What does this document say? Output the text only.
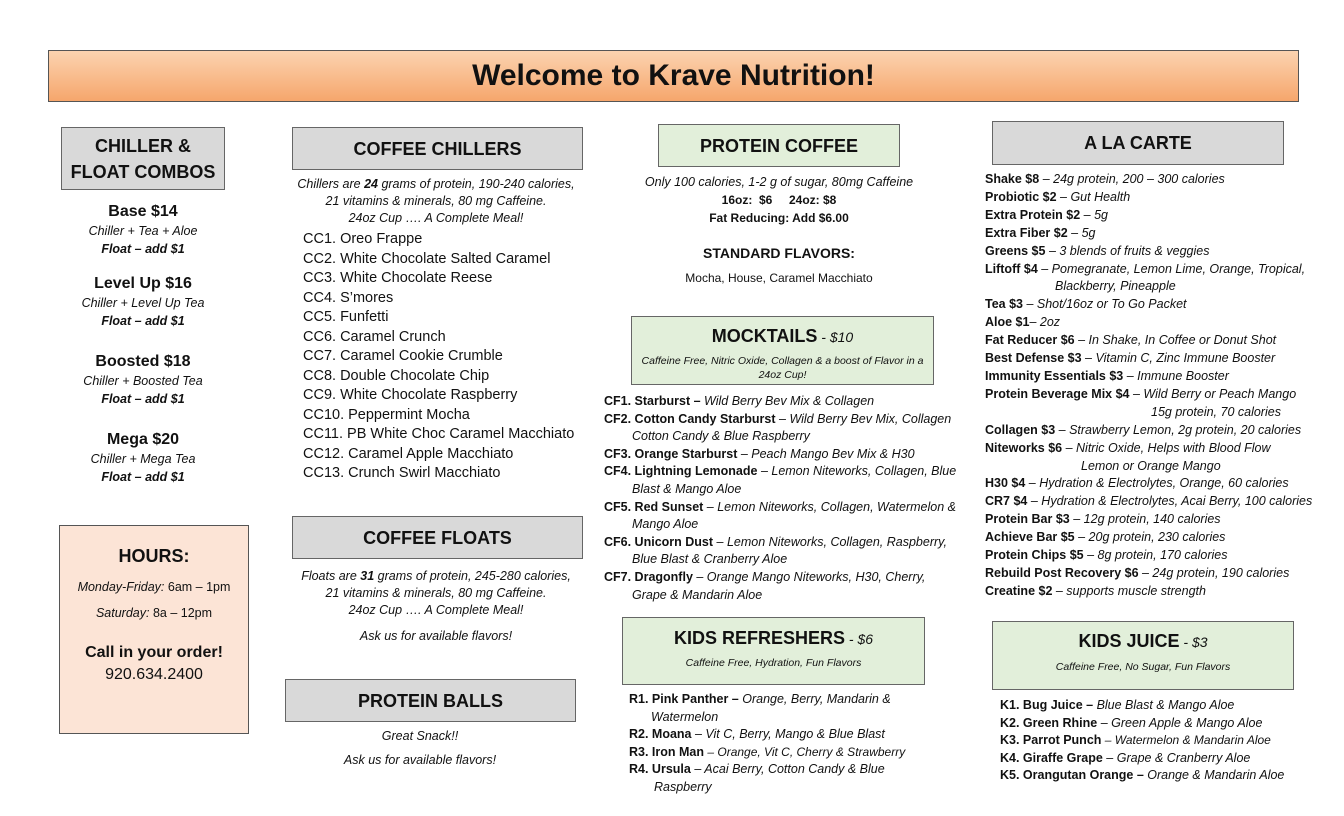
Welcome to Krave Nutrition!
CHILLER &
FLOAT COMBOS
Base $14
Chiller + Tea + Aloe
Float – add $1
Level Up $16
Chiller + Level Up Tea
Float – add $1
Boosted $18
Chiller + Boosted Tea
Float – add $1
Mega $20
Chiller + Mega Tea
Float – add $1
HOURS:
Monday-Friday: 6am – 1pm
Saturday: 8a – 12pm
Call in your order!
920.634.2400
COFFEE CHILLERS
Chillers are 24 grams of protein, 190-240 calories,
21 vitamins & minerals, 80 mg Caffeine.
24oz Cup …. A Complete Meal!
CC1. Oreo Frappe
CC2. White Chocolate Salted Caramel
CC3. White Chocolate Reese
CC4. S’mores
CC5. Funfetti
CC6. Caramel Crunch
CC7. Caramel Cookie Crumble
CC8. Double Chocolate Chip
CC9. White Chocolate Raspberry
CC10. Peppermint Mocha
CC11. PB White Choc Caramel Macchiato
CC12. Caramel Apple Macchiato
CC13. Crunch Swirl Macchiato
COFFEE FLOATS
Floats are 31 grams of protein, 245-280 calories,
21 vitamins & minerals, 80 mg Caffeine.
24oz Cup …. A Complete Meal!
Ask us for available flavors!
PROTEIN BALLS
Great Snack!!
Ask us for available flavors!
PROTEIN COFFEE
Only 100 calories, 1-2 g of sugar, 80mg Caffeine
16oz:  $6     24oz: $8
Fat Reducing: Add $6.00
STANDARD FLAVORS:
Mocha, House, Caramel Macchiato
MOCKTAILS - $10
Caffeine Free, Nitric Oxide, Collagen & a boost of Flavor in a 24oz Cup!
CF1. Starburst – Wild Berry Bev Mix & Collagen
CF2. Cotton Candy Starburst – Wild Berry Bev Mix, Collagen
Cotton Candy & Blue Raspberry
CF3. Orange Starburst – Peach Mango Bev Mix & H30
CF4. Lightning Lemonade – Lemon Niteworks, Collagen, Blue
Blast & Mango Aloe
CF5. Red Sunset – Lemon Niteworks, Collagen, Watermelon &
Mango Aloe
CF6. Unicorn Dust – Lemon Niteworks, Collagen, Raspberry,
Blue Blast & Cranberry Aloe
CF7. Dragonfly – Orange Mango Niteworks, H30, Cherry,
Grape & Mandarin Aloe
KIDS REFRESHERS - $6
Caffeine Free, Hydration, Fun Flavors
R1. Pink Panther – Orange, Berry, Mandarin &
Watermelon
R2. Moana – Vit C, Berry, Mango & Blue Blast
R3. Iron Man – Orange, Vit C, Cherry & Strawberry
R4. Ursula – Acai Berry, Cotton Candy & Blue
Raspberry
A LA CARTE
Shake $8 – 24g protein, 200 – 300 calories
Probiotic $2 – Gut Health
Extra Protein $2 – 5g
Extra Fiber $2 – 5g
Greens $5 – 3 blends of fruits & veggies
Liftoff $4 – Pomegranate, Lemon Lime, Orange, Tropical,
Blackberry, Pineapple
Tea $3 – Shot/16oz or To Go Packet
Aloe $1– 2oz
Fat Reducer $6 – In Shake, In Coffee or Donut Shot
Best Defense $3 – Vitamin C, Zinc Immune Booster
Immunity Essentials $3 – Immune Booster
Protein Beverage Mix $4 – Wild Berry or Peach Mango
15g protein, 70 calories
Collagen $3 – Strawberry Lemon, 2g protein, 20 calories
Niteworks $6 – Nitric Oxide, Helps with Blood Flow
Lemon or Orange Mango
H30 $4 – Hydration & Electrolytes, Orange, 60 calories
CR7 $4 – Hydration & Electrolytes, Acai Berry, 100 calories
Protein Bar $3 – 12g protein, 140 calories
Achieve Bar $5 – 20g protein, 230 calories
Protein Chips $5 – 8g protein, 170 calories
Rebuild Post Recovery $6 – 24g protein, 190 calories
Creatine $2 – supports muscle strength
KIDS JUICE - $3
Caffeine Free, No Sugar, Fun Flavors
K1. Bug Juice – Blue Blast & Mango Aloe
K2. Green Rhine – Green Apple & Mango Aloe
K3. Parrot Punch – Watermelon & Mandarin Aloe
K4. Giraffe Grape – Grape & Cranberry Aloe
K5. Orangutan Orange – Orange & Mandarin Aloe
